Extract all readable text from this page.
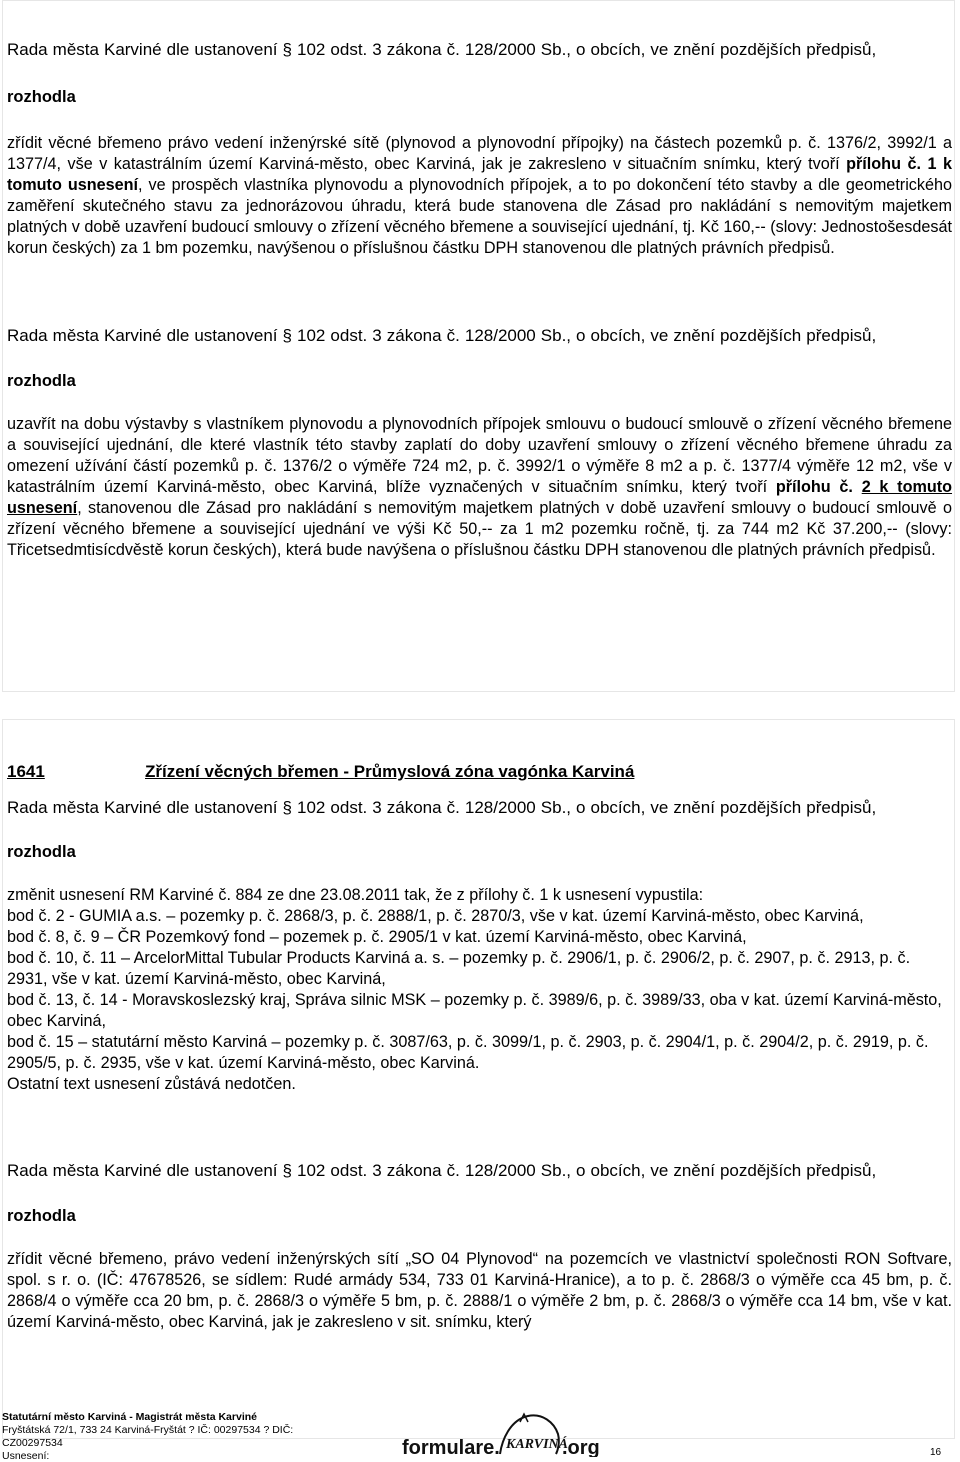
Rada města Karviné dle ustanovení § 102 odst. 3 zákona č. 128/2000 Sb., o obcích, ve znění pozdějších předpisů,
rozhodla
zřídit věcné břemeno právo vedení inženýrské sítě (plynovod a plynovodní přípojky) na částech pozemků p. č. 1376/2, 3992/1 a 1377/4, vše v katastrálním území Karviná-město, obec Karviná, jak je zakresleno v situačním snímku, který tvoří přílohu č. 1 k tomuto usnesení, ve prospěch vlastníka plynovodu a plynovodních přípojek, a to po dokončení této stavby a dle geometrického zaměření skutečného stavu za jednorázovou úhradu, která bude stanovena dle Zásad pro nakládání s nemovitým majetkem platných v době uzavření budoucí smlouvy o zřízení věcného břemene a související ujednání, tj. Kč 160,-- (slovy: Jednostošesdesát korun českých) za 1 bm pozemku, navýšenou o příslušnou částku DPH stanovenou dle platných právních předpisů.
Rada města Karviné dle ustanovení § 102 odst. 3 zákona č. 128/2000 Sb., o obcích, ve znění pozdějších předpisů,
rozhodla
uzavřít na dobu výstavby s vlastníkem plynovodu a plynovodních přípojek smlouvu o budoucí smlouvě o zřízení věcného břemene a související ujednání, dle které vlastník této stavby zaplatí do doby uzavření smlouvy o zřízení věcného břemene úhradu za omezení užívání částí pozemků p. č. 1376/2 o výměře 724 m2, p. č. 3992/1 o výměře 8 m2 a p. č. 1377/4 výměře 12 m2, vše v katastrálním území Karviná-město, obec Karviná, blíže vyznačených v situačním snímku, který tvoří přílohu č. 2 k tomuto usnesení, stanovenou dle Zásad pro nakládání s nemovitým majetkem platných v době uzavření smlouvy o budoucí smlouvě o zřízení věcného břemene a související ujednání ve výši Kč 50,-- za 1 m2 pozemku ročně, tj. za 744 m2 Kč 37.200,-- (slovy: Třicetsedmtisícdvěstě korun českých), která bude navýšena o příslušnou částku DPH stanovenou dle platných právních předpisů.
1641	Zřízení věcných břemen - Průmyslová zóna vagónka Karviná
Rada města Karviné dle ustanovení § 102 odst. 3 zákona č. 128/2000 Sb., o obcích, ve znění pozdějších předpisů,
rozhodla
změnit usnesení RM Karviné č. 884 ze dne 23.08.2011 tak, že z přílohy č. 1 k usnesení vypustila:
bod č. 2 - GUMIA a.s. – pozemky p. č. 2868/3, p. č. 2888/1, p. č. 2870/3, vše v kat. území Karviná-město, obec Karviná,
bod č. 8, č. 9 – ČR Pozemkový fond – pozemek p. č. 2905/1 v kat. území Karviná-město, obec Karviná,
bod č. 10, č. 11 – ArcelorMittal Tubular Products Karviná a. s. – pozemky p. č. 2906/1, p. č. 2906/2, p. č. 2907, p. č. 2913, p. č. 2931, vše v kat. území Karviná-město, obec Karviná,
bod č. 13, č. 14 - Moravskoslezský kraj, Správa silnic MSK – pozemky p. č. 3989/6, p. č. 3989/33, oba v kat. území Karviná-město, obec Karviná,
bod č. 15 – statutární město Karviná – pozemky p. č. 3087/63, p. č. 3099/1, p. č. 2903, p. č. 2904/1, p. č. 2904/2, p. č. 2919, p. č. 2905/5, p. č. 2935, vše v kat. území Karviná-město, obec Karviná.
Ostatní text usnesení zůstává nedotčen.
Rada města Karviné dle ustanovení § 102 odst. 3 zákona č. 128/2000 Sb., o obcích, ve znění pozdějších předpisů,
rozhodla
zřídit věcné břemeno, právo vedení inženýrských sítí „SO 04 Plynovod“ na pozemcích ve vlastnictví společnosti RON Softvare, spol. s r. o. (IČ: 47678526, se sídlem: Rudé armády 534, 733 01 Karviná-Hranice), a to p. č. 2868/3 o výměře cca 45 bm, p. č. 2868/4 o výměře cca 20 bm, p. č. 2868/3 o výměře 5 bm, p. č. 2888/1 o výměře 2 bm, p. č. 2868/3 o výměře cca 14 bm, vše v kat. území Karviná-město, obec Karviná, jak je zakresleno v sit. snímku, který
Statutární město Karviná - Magistrát města Karviné
Fryštátská 72/1, 733 24 Karviná-Fryštát ? IČ: 00297534 ? DIČ:
CZ00297534
Usnesení:	formulare. KARVINÁ
.org	16
